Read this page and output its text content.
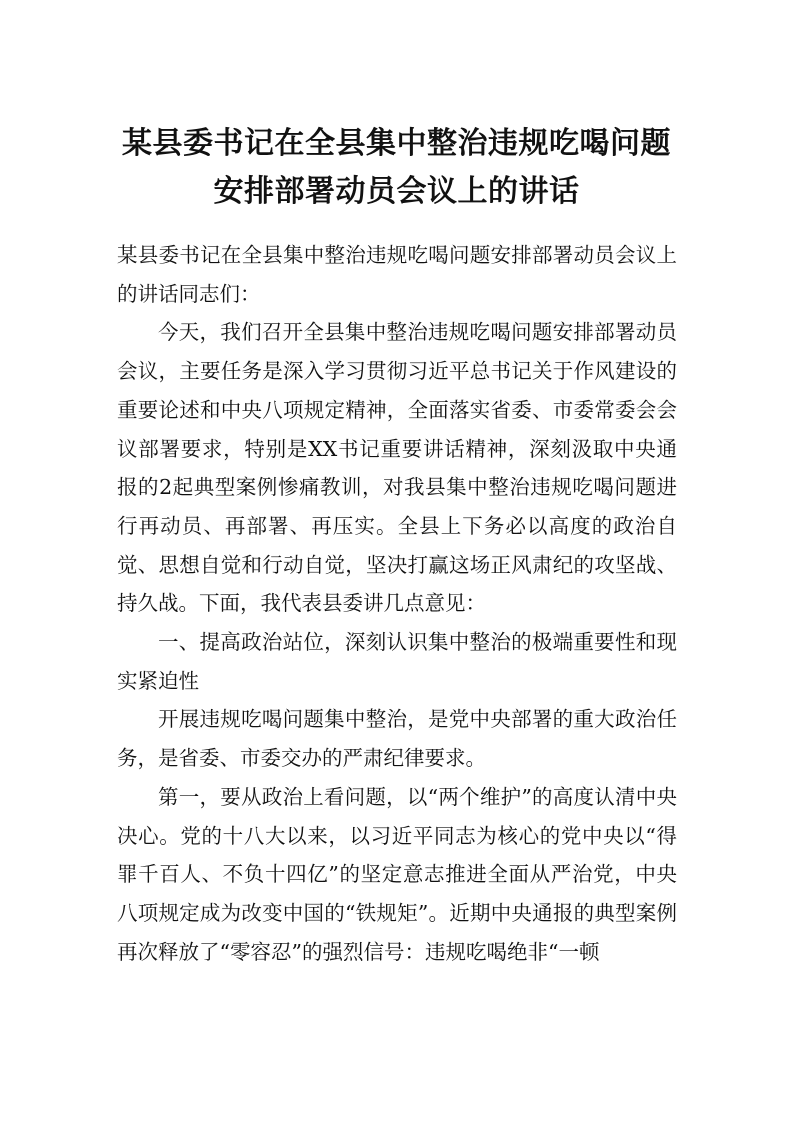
某县委书记在全县集中整治违规吃喝问题
安排部署动员会议上的讲话

某县委书记在全县集中整治违规吃喝问题安排部署动员会议上的讲话同志们：

今天，我们召开全县集中整治违规吃喝问题安排部署动员会议，主要任务是深入学习贯彻习近平总书记关于作风建设的重要论述和中央八项规定精神，全面落实省委、市委常委会会议部署要求，特别是XX书记重要讲话精神，深刻汲取中央通报的2起典型案例惨痛教训，对我县集中整治违规吃喝问题进行再动员、再部署、再压实。全县上下务必以高度的政治自觉、思想自觉和行动自觉，坚决打赢这场正风肃纪的攻坚战、持久战。下面，我代表县委讲几点意见：

一、提高政治站位，深刻认识集中整治的极端重要性和现实紧迫性

开展违规吃喝问题集中整治，是党中央部署的重大政治任务，是省委、市委交办的严肃纪律要求。

第一，要从政治上看问题，以“两个维护”的高度认清中央决心。党的十八大以来，以习近平同志为核心的党中央以“得罪千百人、不负十四亿”的坚定意志推进全面从严治党，中央八项规定成为改变中国的“铁规矩”。近期中央通报的典型案例再次释放了“零容忍”的强烈信号：违规吃喝绝非“一顿
